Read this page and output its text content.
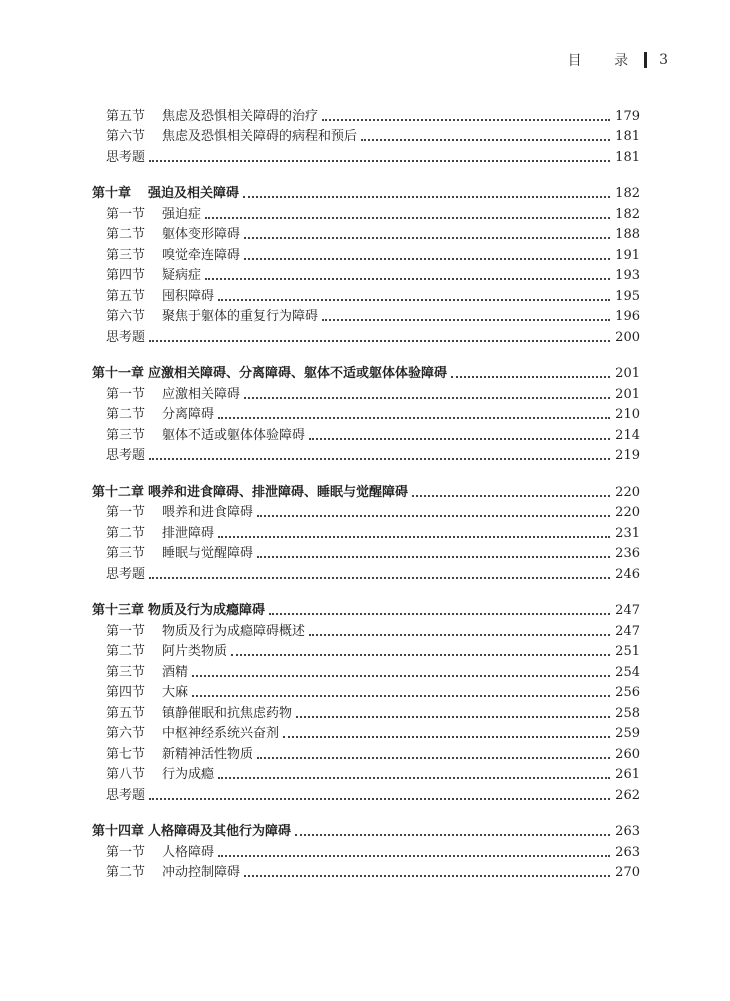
目 录 3
第五节	焦虑及恐惧相关障碍的治疗	179
第六节	焦虑及恐惧相关障碍的病程和预后	181
思考题	181
第十章	强迫及相关障碍	182
第一节	强迫症	182
第二节	躯体变形障碍	188
第三节	嗅觉牵连障碍	191
第四节	疑病症	193
第五节	囤积障碍	195
第六节	聚焦于躯体的重复行为障碍	196
思考题	200
第十一章 应激相关障碍、分离障碍、躯体不适或躯体体验障碍	201
第一节	应激相关障碍	201
第二节	分离障碍	210
第三节	躯体不适或躯体体验障碍	214
思考题	219
第十二章 喂养和进食障碍、排泄障碍、睡眠与觉醒障碍	220
第一节	喂养和进食障碍	220
第二节	排泄障碍	231
第三节	睡眠与觉醒障碍	236
思考题	246
第十三章 物质及行为成瘾障碍	247
第一节	物质及行为成瘾障碍概述	247
第二节	阿片类物质	251
第三节	酒精	254
第四节	大麻	256
第五节	镇静催眠和抗焦虑药物	258
第六节	中枢神经系统兴奋剂	259
第七节	新精神活性物质	260
第八节	行为成瘾	261
思考题	262
第十四章 人格障碍及其他行为障碍	263
第一节	人格障碍	263
第二节	冲动控制障碍	270
